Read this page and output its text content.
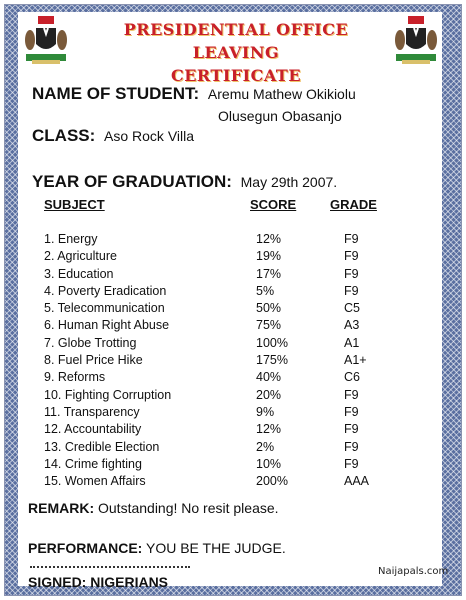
PRESIDENTIAL OFFICE LEAVING
CERTIFICATE
NAME OF STUDENT: Aremu Mathew Okikiolu
Olusegun Obasanjo
CLASS: Aso Rock Villa
YEAR OF GRADUATION: May 29th 2007.
SUBJECT	SCORE	GRADE
1. Energy	12%	F9
2. Agriculture	19%	F9
3. Education	17%	F9
4. Poverty Eradication	5%	F9
5. Telecommunication	50%	C5
6. Human Right Abuse	75%	A3
7. Globe Trotting	100%	A1
8. Fuel Price Hike	175%	A1+
9. Reforms	40%	C6
10. Fighting Corruption	20%	F9
11. Transparency	9%	F9
12. Accountability	12%	F9
13. Credible Election	2%	F9
14. Crime fighting	10%	F9
15. Women Affairs	200%	AAA
REMARK: Outstanding! No resit please.
PERFORMANCE: YOU BE THE JUDGE.
SIGNED: NIGERIANS
Naijapals.com
